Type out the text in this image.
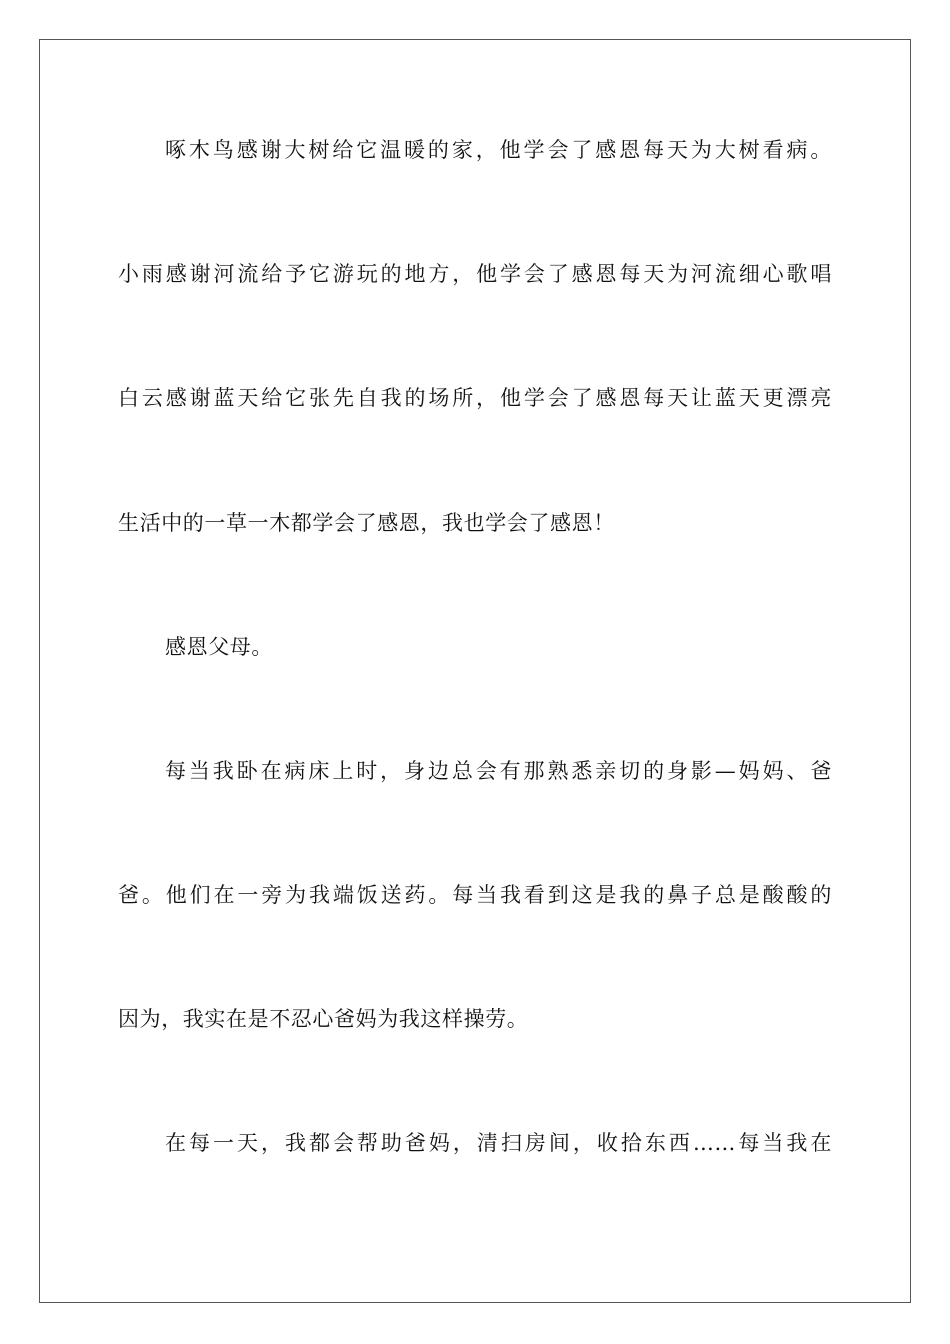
啄木鸟感谢大树给它温暖的家，他学会了感恩每天为大树看病。
小雨感谢河流给予它游玩的地方，他学会了感恩每天为河流细心歌唱
白云感谢蓝天给它张先自我的场所，他学会了感恩每天让蓝天更漂亮
生活中的一草一木都学会了感恩，我也学会了感恩！
感恩父母。
每当我卧在病床上时，身边总会有那熟悉亲切的身影—妈妈、爸
爸。他们在一旁为我端饭送药。每当我看到这是我的鼻子总是酸酸的
因为，我实在是不忍心爸妈为我这样操劳。
在每一天，我都会帮助爸妈，清扫房间，收拾东西……每当我在
